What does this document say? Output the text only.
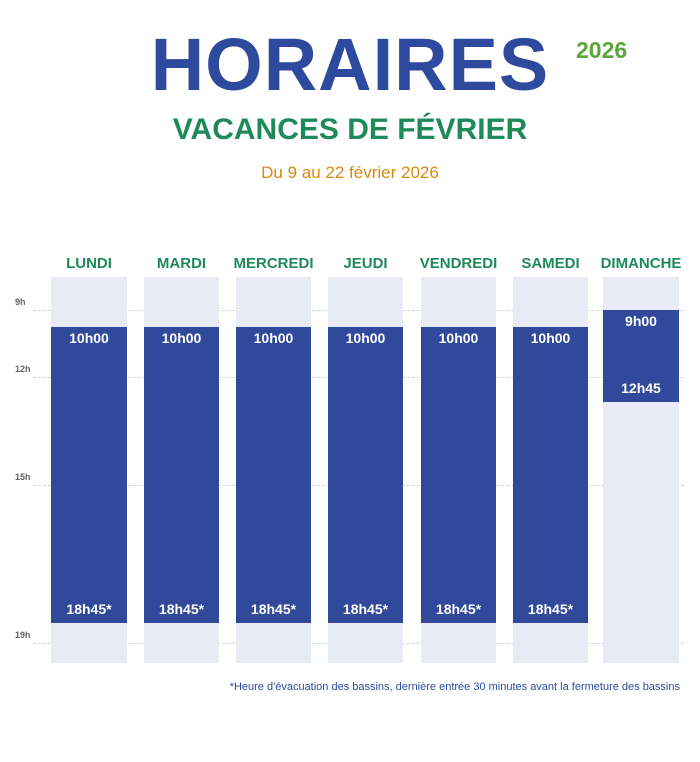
HORAIRES	2026
VACANCES DE FÉVRIER
Du 9 au 22 février 2026
9h
12h
15h
19h
LUNDI
10h00
18h45*
MARDI
10h00
18h45*
MERCREDI
10h00
18h45*
JEUDI
10h00
18h45*
VENDREDI
10h00
18h45*
SAMEDI
10h00
18h45*
DIMANCHE
9h00
12h45
*Heure d'évacuation des bassins, dernière entrée 30 minutes avant la fermeture des bassins
